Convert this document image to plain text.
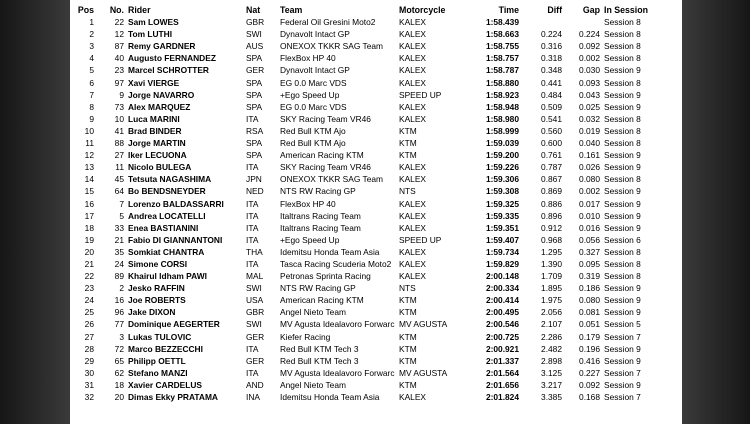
Pos	No.	Rider	Nat	Team	Motorcycle	Time	Diff	Gap	In Session
1	22	Sam LOWES	GBR	Federal Oil Gresini Moto2	KALEX	1:58.439			Session 8
2	12	Tom LUTHI	SWI	Dynavolt Intact GP	KALEX	1:58.663	0.224	0.224	Session 8
3	87	Remy GARDNER	AUS	ONEXOX TKKR SAG Team	KALEX	1:58.755	0.316	0.092	Session 8
4	40	Augusto FERNANDEZ	SPA	FlexBox HP 40	KALEX	1:58.757	0.318	0.002	Session 8
5	23	Marcel SCHROTTER	GER	Dynavolt Intact GP	KALEX	1:58.787	0.348	0.030	Session 9
6	97	Xavi VIERGE	SPA	EG 0.0 Marc VDS	KALEX	1:58.880	0.441	0.093	Session 8
7	9	Jorge NAVARRO	SPA	+Ego Speed Up	SPEED UP	1:58.923	0.484	0.043	Session 9
8	73	Alex MARQUEZ	SPA	EG 0.0 Marc VDS	KALEX	1:58.948	0.509	0.025	Session 9
9	10	Luca MARINI	ITA	SKY Racing Team VR46	KALEX	1:58.980	0.541	0.032	Session 8
10	41	Brad BINDER	RSA	Red Bull KTM Ajo	KTM	1:58.999	0.560	0.019	Session 8
11	88	Jorge MARTIN	SPA	Red Bull KTM Ajo	KTM	1:59.039	0.600	0.040	Session 8
12	27	Iker LECUONA	SPA	American Racing KTM	KTM	1:59.200	0.761	0.161	Session 9
13	11	Nicolo BULEGA	ITA	SKY Racing Team VR46	KALEX	1:59.226	0.787	0.026	Session 9
14	45	Tetsuta NAGASHIMA	JPN	ONEXOX TKKR SAG Team	KALEX	1:59.306	0.867	0.080	Session 8
15	64	Bo BENDSNEYDER	NED	NTS RW Racing GP	NTS	1:59.308	0.869	0.002	Session 9
16	7	Lorenzo BALDASSARRI	ITA	FlexBox HP 40	KALEX	1:59.325	0.886	0.017	Session 9
17	5	Andrea LOCATELLI	ITA	Italtrans Racing Team	KALEX	1:59.335	0.896	0.010	Session 9
18	33	Enea BASTIANINI	ITA	Italtrans Racing Team	KALEX	1:59.351	0.912	0.016	Session 9
19	21	Fabio DI GIANNANTONI	ITA	+Ego Speed Up	SPEED UP	1:59.407	0.968	0.056	Session 6
20	35	Somkiat CHANTRA	THA	Idemitsu Honda Team Asia	KALEX	1:59.734	1.295	0.327	Session 8
21	24	Simone CORSI	ITA	Tasca Racing Scuderia Moto2	KALEX	1:59.829	1.390	0.095	Session 8
22	89	Khairul Idham PAWI	MAL	Petronas Sprinta Racing	KALEX	2:00.148	1.709	0.319	Session 8
23	2	Jesko RAFFIN	SWI	NTS RW Racing GP	NTS	2:00.334	1.895	0.186	Session 9
24	16	Joe ROBERTS	USA	American Racing KTM	KTM	2:00.414	1.975	0.080	Session 9
25	96	Jake DIXON	GBR	Angel Nieto Team	KTM	2:00.495	2.056	0.081	Session 9
26	77	Dominique AEGERTER	SWI	MV Agusta Idealavoro Forwarc	MV AGUSTA	2:00.546	2.107	0.051	Session 5
27	3	Lukas TULOVIC	GER	Kiefer Racing	KTM	2:00.725	2.286	0.179	Session 7
28	72	Marco BEZZECCHI	ITA	Red Bull KTM Tech 3	KTM	2:00.921	2.482	0.196	Session 9
29	65	Philipp OETTL	GER	Red Bull KTM Tech 3	KTM	2:01.337	2.898	0.416	Session 9
30	62	Stefano MANZI	ITA	MV Agusta Idealavoro Forwarc	MV AGUSTA	2:01.564	3.125	0.227	Session 7
31	18	Xavier CARDELUS	AND	Angel Nieto Team	KTM	2:01.656	3.217	0.092	Session 9
32	20	Dimas Ekky PRATAMA	INA	Idemitsu Honda Team Asia	KALEX	2:01.824	3.385	0.168	Session 7
